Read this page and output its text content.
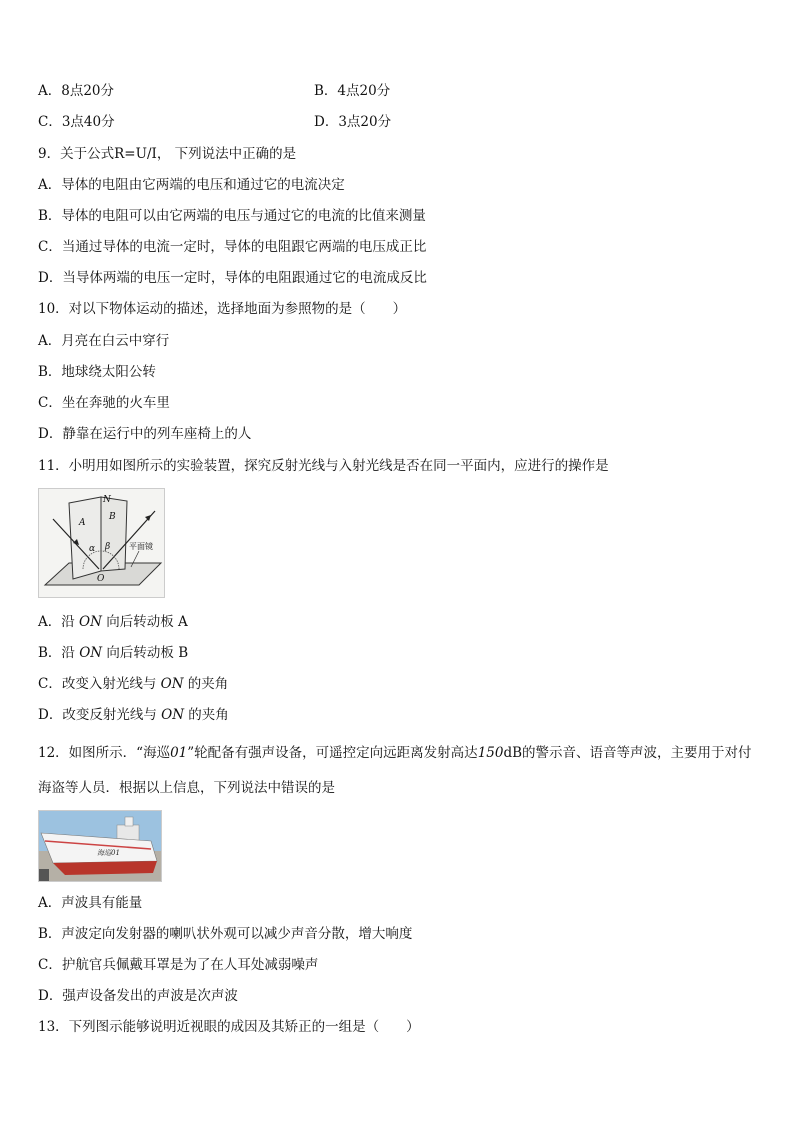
A．8点20分	B．4点20分
C．3点40分	D．3点20分
9．关于公式R=U/I， 下列说法中正确的是
A．导体的电阻由它两端的电压和通过它的电流决定
B．导体的电阻可以由它两端的电压与通过它的电流的比值来测量
C．当通过导体的电流一定时，导体的电阻跟它两端的电压成正比
D．当导体两端的电压一定时，导体的电阻跟通过它的电流成反比
10．对以下物体运动的描述，选择地面为参照物的是（　　）
A．月亮在白云中穿行
B．地球绕太阳公转
C．坐在奔驰的火车里
D．静靠在运行中的列车座椅上的人
11．小明用如图所示的实验装置，探究反射光线与入射光线是否在同一平面内，应进行的操作是
N
A
B
α β
O
平面镜
A．沿 ON 向后转动板 A
B．沿 ON 向后转动板 B
C．改变入射光线与 ON 的夹角
D．改变反射光线与 ON 的夹角
12．如图所示．“海巡01”轮配备有强声设备，可遥控定向远距离发射高达150dB的警示音、语音等声波，主要用于对付
海盗等人员．根据以上信息，下列说法中错误的是
海巡01
A．声波具有能量
B．声波定向发射器的喇叭状外观可以减少声音分散，增大响度
C．护航官兵佩戴耳罩是为了在人耳处减弱噪声
D．强声设备发出的声波是次声波
13．下列图示能够说明近视眼的成因及其矫正的一组是（　　）
